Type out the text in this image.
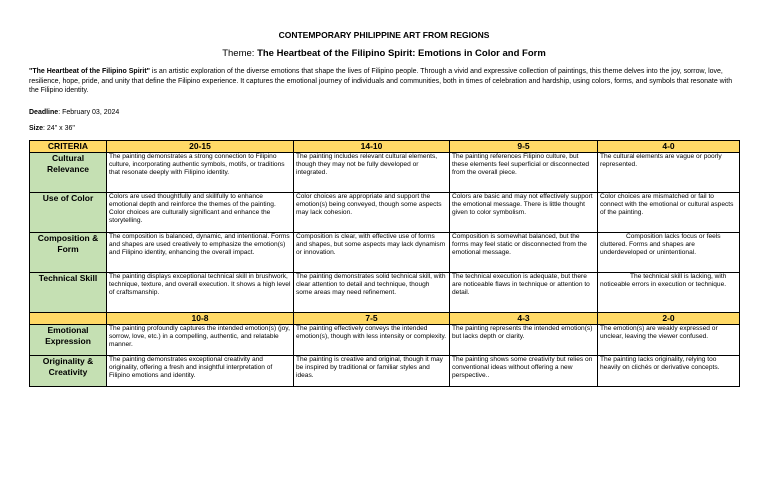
CONTEMPORARY PHILIPPINE ART FROM REGIONS
Theme: The Heartbeat of the Filipino Spirit: Emotions in Color and Form
"The Heartbeat of the Filipino Spirit" is an artistic exploration of the diverse emotions that shape the lives of Filipino people. Through a vivid and expressive collection of paintings, this theme delves into the joy, sorrow, love, resilience, hope, pride, and unity that define the Filipino experience. It captures the emotional journey of individuals and communities, both in times of celebration and hardship, using colors, forms, and symbols that resonate with the Filipino identity.
Deadline: February 03, 2024
Size: 24" x 36"
CRITERIA	20-15	14-10	9-5	4-0
Cultural Relevance	The painting demonstrates a strong connection to Filipino culture, incorporating authentic symbols, motifs, or traditions that resonate deeply with Filipino identity.	The painting includes relevant cultural elements, though they may not be fully developed or integrated.	The painting references Filipino culture, but these elements feel superficial or disconnected from the overall piece.	The cultural elements are vague or poorly represented.
Use of Color	Colors are used thoughtfully and skillfully to enhance emotional depth and reinforce the themes of the painting. Color choices are culturally significant and enhance the storytelling.	Color choices are appropriate and support the emotion(s) being conveyed, though some aspects may lack cohesion.	Colors are basic and may not effectively support the emotional message. There is little thought given to color symbolism.	Color choices are mismatched or fail to connect with the emotional or cultural aspects of the painting.
Composition & Form	The composition is balanced, dynamic, and intentional. Forms and shapes are used creatively to emphasize the emotion(s) and Filipino identity, enhancing the overall impact.	Composition is clear, with effective use of forms and shapes, but some aspects may lack dynamism or innovation.	Composition is somewhat balanced, but the forms may feel static or disconnected from the emotional message.	Composition lacks focus or feels cluttered. Forms and shapes are underdeveloped or unintentional.
Technical Skill	The painting displays exceptional technical skill in brushwork, technique, texture, and overall execution. It shows a high level of craftsmanship.	The painting demonstrates solid technical skill, with clear attention to detail and technique, though some areas may need refinement.	The technical execution is adequate, but there are noticeable flaws in technique or attention to detail.	The technical skill is lacking, with noticeable errors in execution or technique.
	10-8	7-5	4-3	2-0
Emotional Expression	The painting profoundly captures the intended emotion(s) (joy, sorrow, love, etc.) in a compelling, authentic, and relatable manner.	The painting effectively conveys the intended emotion(s), though with less intensity or complexity.	The painting represents the intended emotion(s) but lacks depth or clarity.	The emotion(s) are weakly expressed or unclear, leaving the viewer confused.
Originality & Creativity	The painting demonstrates exceptional creativity and originality, offering a fresh and insightful interpretation of Filipino emotions and identity.	The painting is creative and original, though it may be inspired by traditional or familiar styles and ideas.	The painting shows some creativity but relies on conventional ideas without offering a new perspective..	The painting lacks originality, relying too heavily on clichés or derivative concepts.
